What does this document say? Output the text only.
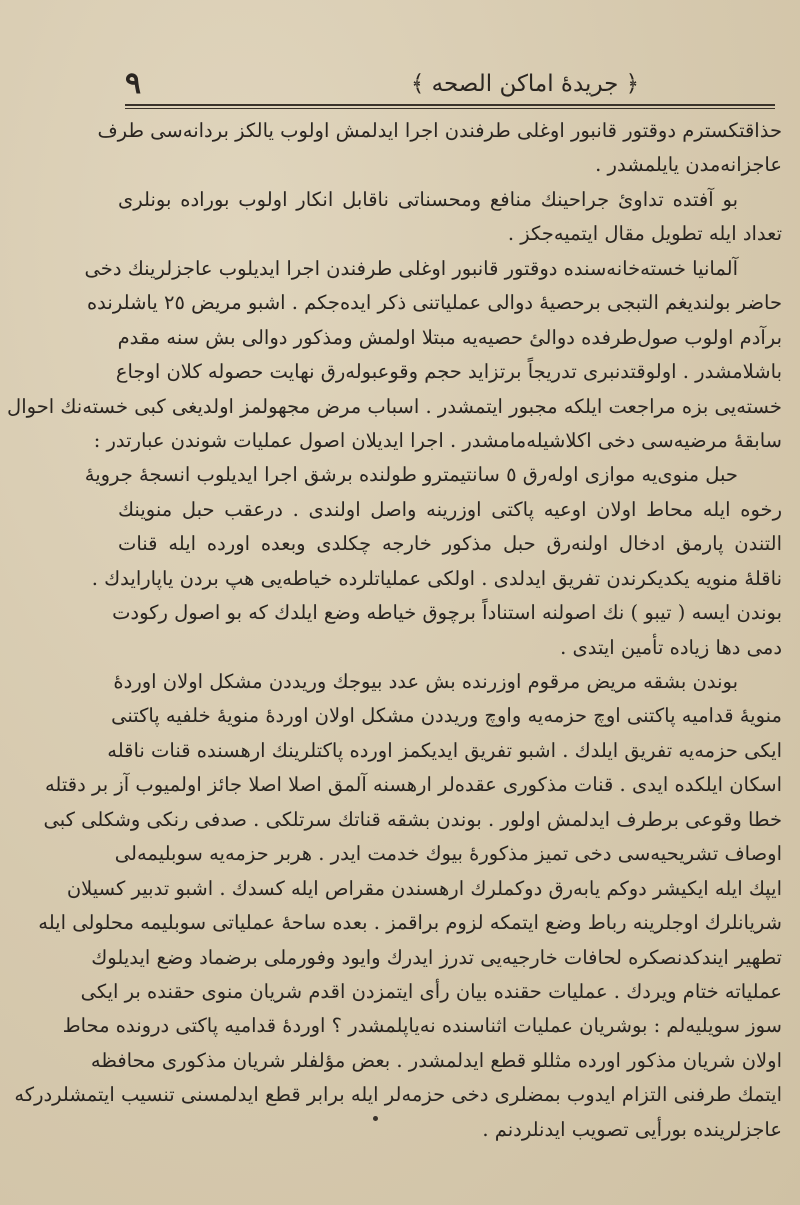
٩	﴿ جريدهٔ اماكن الصحه ﴾
حذاقتكسترم دوقتور قانبور اوغلی طرفندن اجرا ايدلمش اولوب يالكز بردانه‌سی طرف
عاجزانه‌مدن يايلمشدر .
بو آفتده تداوئ جراحينك منافع ومحسناتی ناقابل انكار اولوب بوراده بونلری
تعداد ايله تطويل مقال ايتميه‌جكز .
آلمانيا خسته‌خانه‌سنده دوقتور قانبور اوغلی طرفندن اجرا ايديلوب عاجزلرينك دخی
حاضر بولنديغم التبجی برحصيهٔ دوالی عملياتنی ذكر ايده‌جكم . اشبو مريض ٢٥ ياشلرنده
برآدم اولوب صول‌طرفده دوالئ حصيه‌يه مبتلا اولمش ومذكور دوالی بش سنه مقدم
باشلامشدر . اولوقتدنبری تدريجاً برتزايد حجم وقوعبوله‌رق نهايت حصوله كلان اوجاع
خسته‌يی بزه مراجعت ايلكه مجبور ايتمشدر . اسباب مرض مجهولمز اولديغی كبی خسته‌نك احوال
سابقهٔ مرضيه‌سی دخی اكلاشيله‌مامشدر . اجرا ايديلان اصول عمليات شوندن عبارتدر :
حبل منوی‌يه موازی اوله‌رق ٥ سانتيمترو طولنده برشق اجرا ايديلوب انسجهٔ جرويهٔ
رخوه ايله محاط اولان اوعيه پاكتی اوزرينه واصل اولندی . درعقب حبل منوينك
التندن پارمق ادخال اولنه‌رق حبل مذكور خارجه چكلدی وبعده اورده ايله قنات
ناقلهٔ منويه يكديكرندن تفريق ايدلدی . اولكی عملياتلرده خياطه‌يی هپ بردن ياپارايدك .
بوندن ايسه ( تيبو ) نك اصولنه استناداً برچوق خياطه وضع ايلدك كه بو اصول ركودت
دمی دها زياده تأمين ايتدی .
بوندن بشقه مريض مرقوم اوزرنده بش عدد بيوجك وريددن مشكل اولان اوردهٔ
منويهٔ قداميه پاكتنی اوچ حزمه‌يه واوچ وريددن مشكل اولان اوردهٔ منويهٔ خلفيه پاكتنی
ايكی حزمه‌يه تفريق ايلدك . اشبو تفريق ايديكمز اورده پاكتلرينك ارهسنده قنات ناقله
اسكان ايلكده ايدی . قنات مذكوری عقده‌لر ارهسنه آلمق اصلا اصلا جائز اولميوب آز بر دقتله
خطا وقوعی برطرف ايدلمش اولور . بوندن بشقه قناتك سرتلكی . صدفی رنكی وشكلی كبی
اوصاف تشريحيه‌سی دخی تميز مذكورهٔ بيوك خدمت ايدر . هربر حزمه‌يه سوبليمه‌لی
ايپك ايله ايكيشر دوكم يابه‌رق دوكملرك ارهسندن مقراص ايله كسدك . اشبو تدبير كسيلان
شريانلرك اوجلرينه رباط وضع ايتمكه لزوم براقمز . بعده ساحهٔ عملياتی سوبليمه محلولی ايله
تطهير ايندكدنصكره لحافات خارجيه‌يی تدرز ايدرك وايود وفورملی برضماد وضع ايديلوك
عملياته ختام ويردك . عمليات حقنده بيان رأی ايتمزدن اقدم شريان منوی حقنده بر ايكی
سوز سويليه‌لم : بوشريان عمليات اثناسنده نه‌ياپلمشدر ؟ اوردهٔ قداميه پاكتی درونده محاط
اولان شريان مذكور اورده مثللو قطع ايدلمشدر . بعض مؤلفلر شريان مذكوری محافظه
ايتمك طرفنی التزام ايدوب بمضلری دخی حزمه‌لر ايله برابر قطع ايدلمسنی تنسيب ايتمشلردركه
عاجزلرينده بورأيی تصويب ايدنلردنم .
